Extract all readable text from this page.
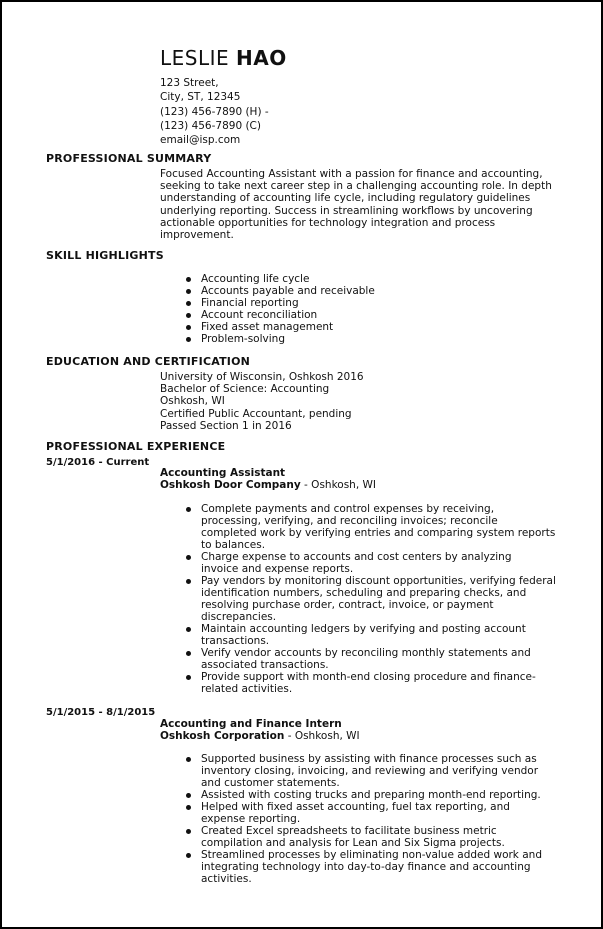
LESLIE HAO
123 Street,
City, ST, 12345
(123) 456-7890 (H) -
(123) 456-7890 (C)
email@isp.com
PROFESSIONAL SUMMARY
Focused Accounting Assistant with a passion for finance and accounting,
seeking to take next career step in a challenging accounting role. In depth
understanding of accounting life cycle, including regulatory guidelines
underlying reporting. Success in streamlining workflows by uncovering
actionable opportunities for technology integration and process
improvement.
SKILL HIGHLIGHTS
Accounting life cycle
Accounts payable and receivable
Financial reporting
Account reconciliation
Fixed asset management
Problem-solving
EDUCATION AND CERTIFICATION
University of Wisconsin, Oshkosh 2016
Bachelor of Science: Accounting
Oshkosh, WI
Certified Public Accountant, pending
Passed Section 1 in 2016
PROFESSIONAL EXPERIENCE
5/1/2016 - Current
Accounting Assistant
Oshkosh Door Company - Oshkosh, WI
Complete payments and control expenses by receiving,
processing, verifying, and reconciling invoices; reconcile
completed work by verifying entries and comparing system reports
to balances.
Charge expense to accounts and cost centers by analyzing
invoice and expense reports.
Pay vendors by monitoring discount opportunities, verifying federal
identification numbers, scheduling and preparing checks, and
resolving purchase order, contract, invoice, or payment
discrepancies.
Maintain accounting ledgers by verifying and posting account
transactions.
Verify vendor accounts by reconciling monthly statements and
associated transactions.
Provide support with month-end closing procedure and finance-
related activities.
5/1/2015 - 8/1/2015
Accounting and Finance Intern
Oshkosh Corporation - Oshkosh, WI
Supported business by assisting with finance processes such as
inventory closing, invoicing, and reviewing and verifying vendor
and customer statements.
Assisted with costing trucks and preparing month-end reporting.
Helped with fixed asset accounting, fuel tax reporting, and
expense reporting.
Created Excel spreadsheets to facilitate business metric
compilation and analysis for Lean and Six Sigma projects.
Streamlined processes by eliminating non-value added work and
integrating technology into day-to-day finance and accounting
activities.
